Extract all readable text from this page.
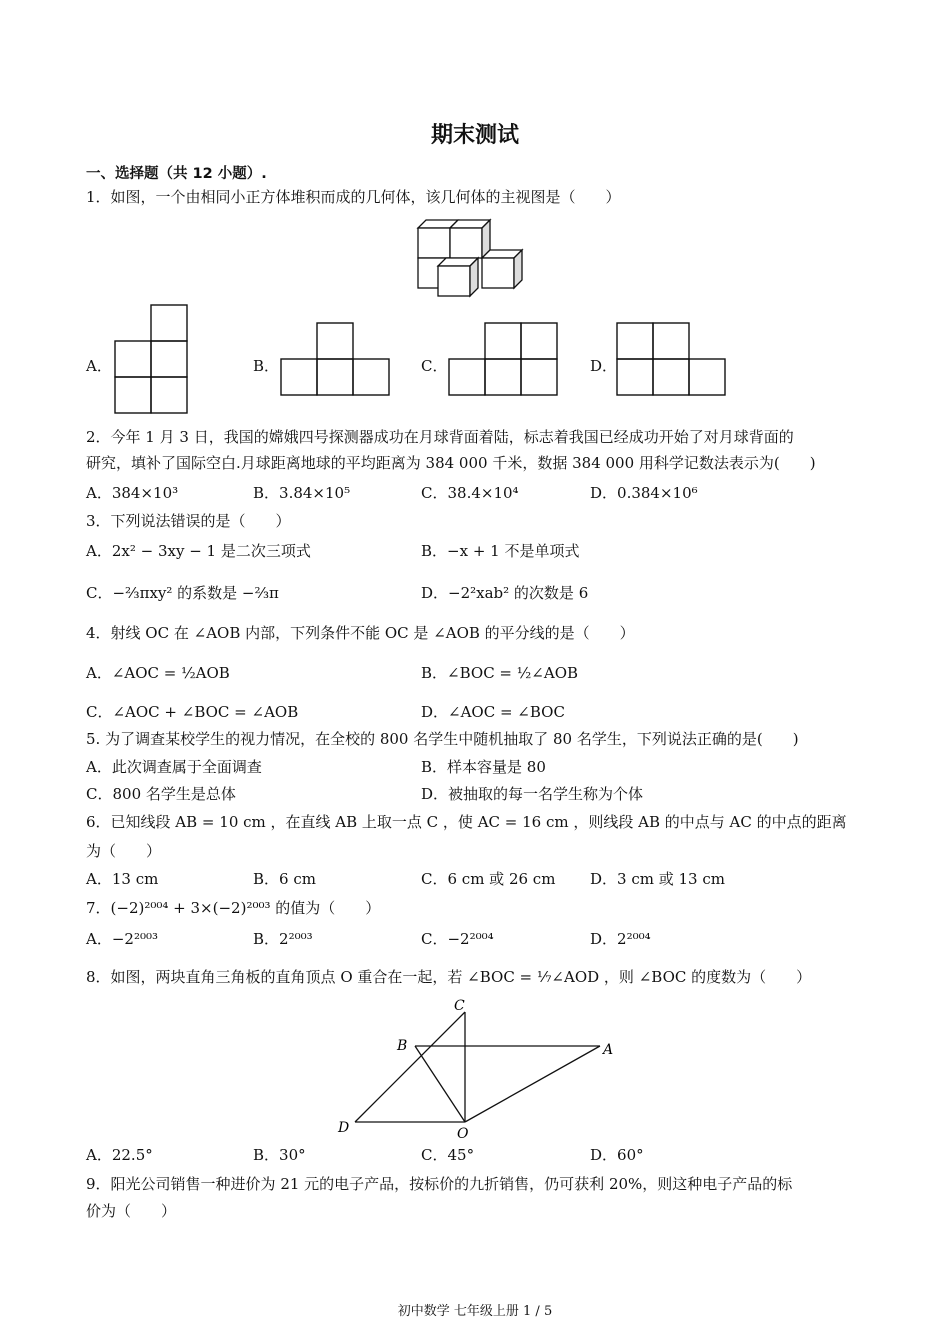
期末测试
一、选择题（共 12 小题）.
1．如图，一个由相同小正方体堆积而成的几何体，该几何体的主视图是（　　）
A．	B．	C．	D．
2．今年 1 月 3 日，我国的嫦娥四号探测器成功在月球背面着陆，标志着我国已经成功开始了对月球背面的
研究，填补了国际空白.月球距离地球的平均距离为 384 000 千米，数据 384 000 用科学记数法表示为(　　)
A．384×10³	B．3.84×10⁵	C．38.4×10⁴	D．0.384×10⁶
3．下列说法错误的是（　　）
A．2x² − 3xy − 1 是二次三项式	B．−x + 1 不是单项式
C．−⅔πxy² 的系数是 −⅔π	D．−2²xab² 的次数是 6
4．射线 OC 在 ∠AOB 内部，下列条件不能 OC 是 ∠AOB 的平分线的是（　　）
A．∠AOC = ½AOB	B．∠BOC = ½∠AOB
C．∠AOC + ∠BOC = ∠AOB	D．∠AOC = ∠BOC
5. 为了调查某校学生的视力情况，在全校的 800 名学生中随机抽取了 80 名学生，下列说法正确的是(　　)
A．此次调查属于全面调查	B．样本容量是 80
C．800 名学生是总体	D．被抽取的每一名学生称为个体
6．已知线段 AB = 10 cm ，在直线 AB 上取一点 C ，使 AC = 16 cm ，则线段 AB 的中点与 AC 的中点的距离
为（　　）
A．13 cm	B．6 cm	C．6 cm 或 26 cm D．3 cm 或 13 cm
7．(−2)²⁰⁰⁴ + 3×(−2)²⁰⁰³ 的值为（　　）
A．−2²⁰⁰³	B．2²⁰⁰³	C．−2²⁰⁰⁴	D．2²⁰⁰⁴
8．如图，两块直角三角板的直角顶点 O 重合在一起，若 ∠BOC = ⅐∠AOD ，则 ∠BOC 的度数为（　　）
C
B	A
D	O
A．22.5°	B．30°	C．45°	D．60°
9．阳光公司销售一种进价为 21 元的电子产品，按标价的九折销售，仍可获利 20%，则这种电子产品的标
价为（　　）
初中数学 七年级上册 1 / 5
